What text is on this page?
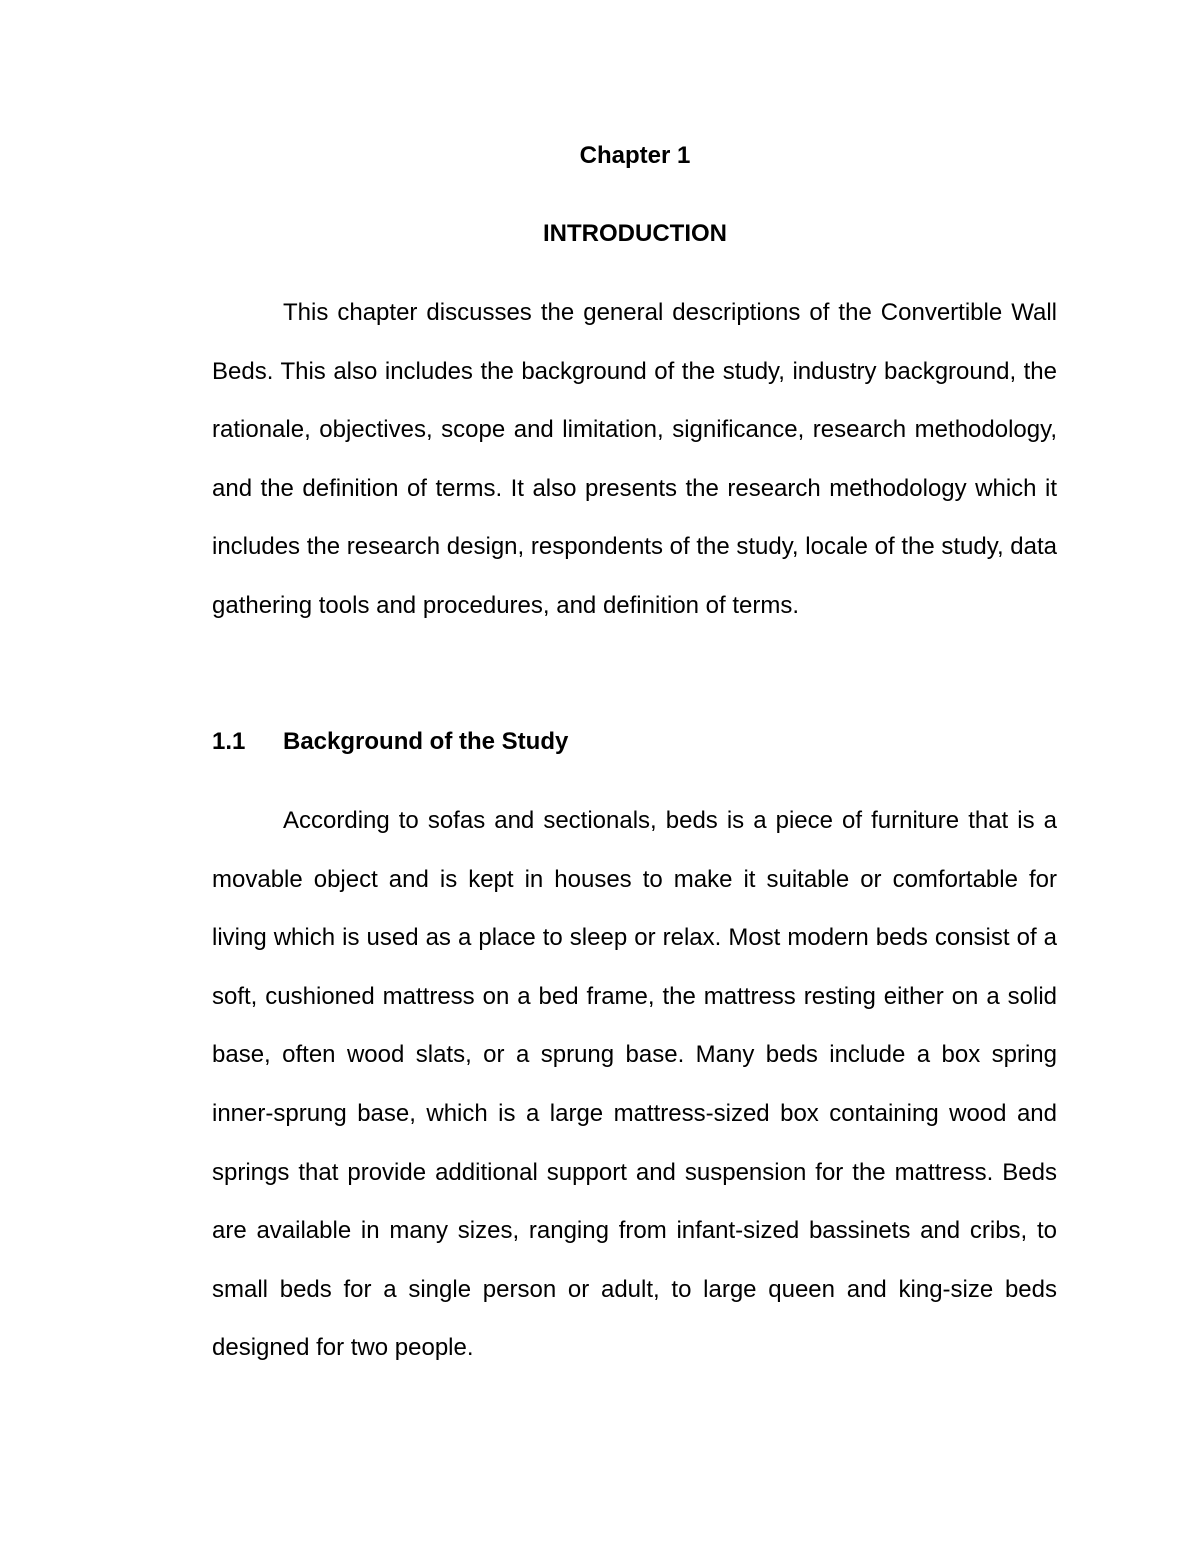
Chapter 1
INTRODUCTION

This chapter discusses the general descriptions of the Convertible Wall Beds. This also includes the background of the study, industry background, the rationale, objectives, scope and limitation, significance, research methodology, and the definition of terms. It also presents the research methodology which it includes the research design, respondents of the study, locale of the study, data gathering tools and procedures, and definition of terms.

1.1 Background of the Study

According to sofas and sectionals, beds is a piece of furniture that is a movable object and is kept in houses to make it suitable or comfortable for living which is used as a place to sleep or relax. Most modern beds consist of a soft, cushioned mattress on a bed frame, the mattress resting either on a solid base, often wood slats, or a sprung base. Many beds include a box spring inner-sprung base, which is a large mattress-sized box containing wood and springs that provide additional support and suspension for the mattress. Beds are available in many sizes, ranging from infant-sized bassinets and cribs, to small beds for a single person or adult, to large queen and king-size beds designed for two people.
